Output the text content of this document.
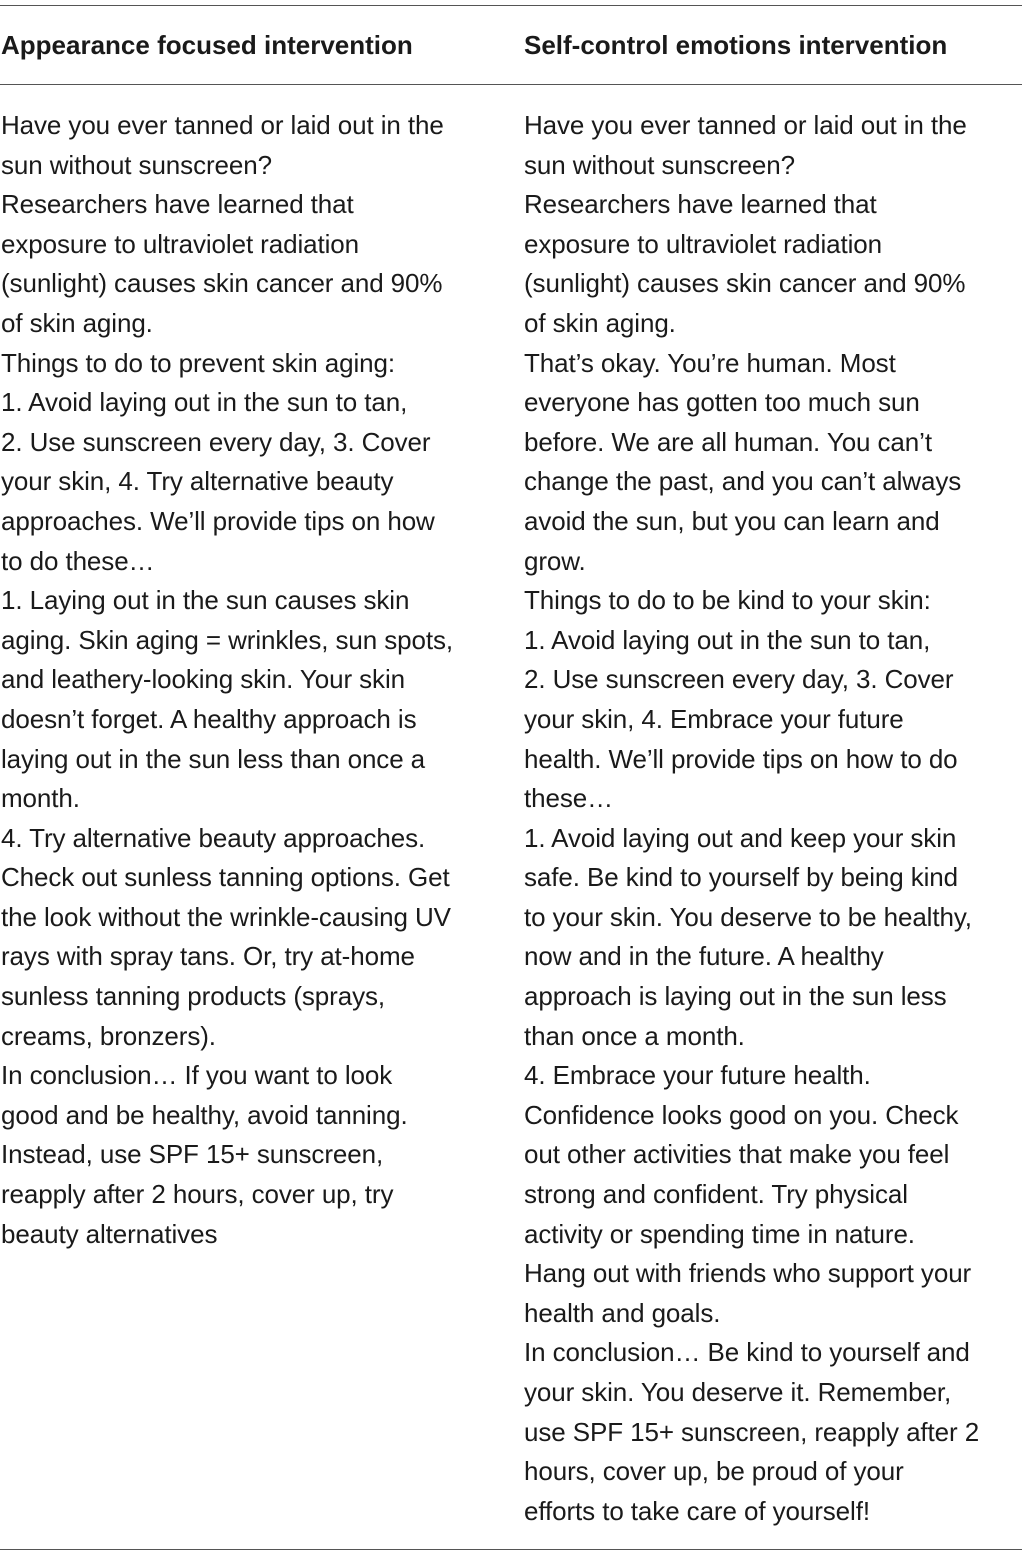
Appearance focused intervention	Self-control emotions intervention
Have you ever tanned or laid out in the
sun without sunscreen?
Researchers have learned that
exposure to ultraviolet radiation
(sunlight) causes skin cancer and 90%
of skin aging.
Things to do to prevent skin aging:
1. Avoid laying out in the sun to tan,
2. Use sunscreen every day, 3. Cover
your skin, 4. Try alternative beauty
approaches. We’ll provide tips on how
to do these…
1. Laying out in the sun causes skin
aging. Skin aging = wrinkles, sun spots,
and leathery-looking skin. Your skin
doesn’t forget. A healthy approach is
laying out in the sun less than once a
month.
4. Try alternative beauty approaches.
Check out sunless tanning options. Get
the look without the wrinkle-causing UV
rays with spray tans. Or, try at-home
sunless tanning products (sprays,
creams, bronzers).
In conclusion… If you want to look
good and be healthy, avoid tanning.
Instead, use SPF 15+ sunscreen,
reapply after 2 hours, cover up, try
beauty alternatives
Have you ever tanned or laid out in the
sun without sunscreen?
Researchers have learned that
exposure to ultraviolet radiation
(sunlight) causes skin cancer and 90%
of skin aging.
That’s okay. You’re human. Most
everyone has gotten too much sun
before. We are all human. You can’t
change the past, and you can’t always
avoid the sun, but you can learn and
grow.
Things to do to be kind to your skin:
1. Avoid laying out in the sun to tan,
2. Use sunscreen every day, 3. Cover
your skin, 4. Embrace your future
health. We’ll provide tips on how to do
these…
1. Avoid laying out and keep your skin
safe. Be kind to yourself by being kind
to your skin. You deserve to be healthy,
now and in the future. A healthy
approach is laying out in the sun less
than once a month.
4. Embrace your future health.
Confidence looks good on you. Check
out other activities that make you feel
strong and confident. Try physical
activity or spending time in nature.
Hang out with friends who support your
health and goals.
In conclusion… Be kind to yourself and
your skin. You deserve it. Remember,
use SPF 15+ sunscreen, reapply after 2
hours, cover up, be proud of your
efforts to take care of yourself!
